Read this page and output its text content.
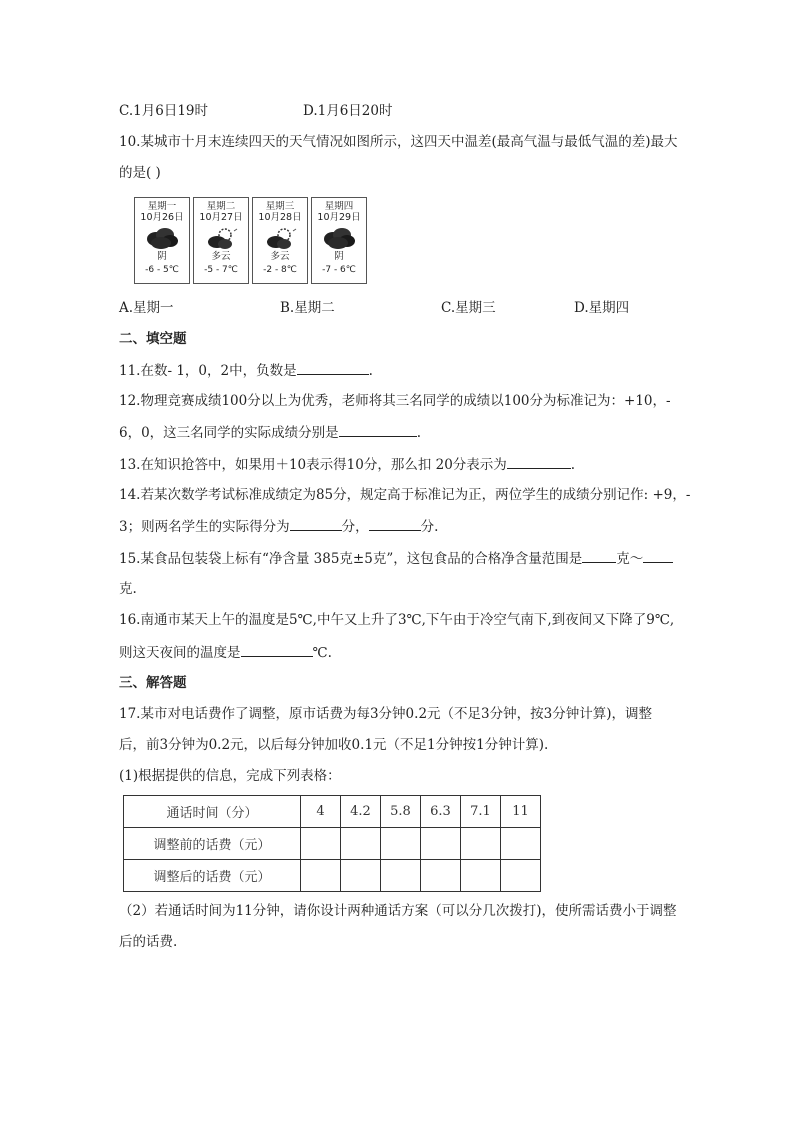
C.1月6日19时	D.1月6日20时
10.某城市十月末连续四天的天气情况如图所示，这四天中温差(最高气温与最低气温的差)最大
的是( )
星期一
10月26日
阴
-6 - 5℃
星期二
10月27日
多云
-5 - 7℃
星期三
10月28日
多云
-2 - 8℃
星期四
10月29日
阴
-7 - 6℃
A.星期一	B.星期二	C.星期三	D.星期四
二、填空题
11.在数- 1，0，2中，负数是	.
12.物理竞赛成绩100分以上为优秀，老师将其三名同学的成绩以100分为标准记为：+10，-
6，0，这三名同学的实际成绩分别是	.
13.在知识抢答中，如果用＋10表示得10分，那么扣 20分表示为	.
14.若某次数学考试标准成绩定为85分，规定高于标准记为正，两位学生的成绩分别记作: +9，-
3；则两名学生的实际得分为	分，	分.
15.某食品包装袋上标有“净含量 385克±5克”，这包食品的合格净含量范围是	克～
克.
16.南通市某天上午的温度是5℃,中午又上升了3℃,下午由于冷空气南下,到夜间又下降了9℃,
则这天夜间的温度是	℃.
三、解答题
17.某市对电话费作了调整，原市话费为每3分钟0.2元（不足3分钟，按3分钟计算)，调整
后，前3分钟为0.2元，以后每分钟加收0.1元（不足1分钟按1分钟计算).
(1)根据提供的信息，完成下列表格：
通话时间（分）	4	4.2	5.8	6.3	7.1	11
调整前的话费（元）						
调整后的话费（元）						
（2）若通话时间为11分钟，请你设计两种通话方案（可以分几次拨打)，使所需话费小于调整
后的话费.
